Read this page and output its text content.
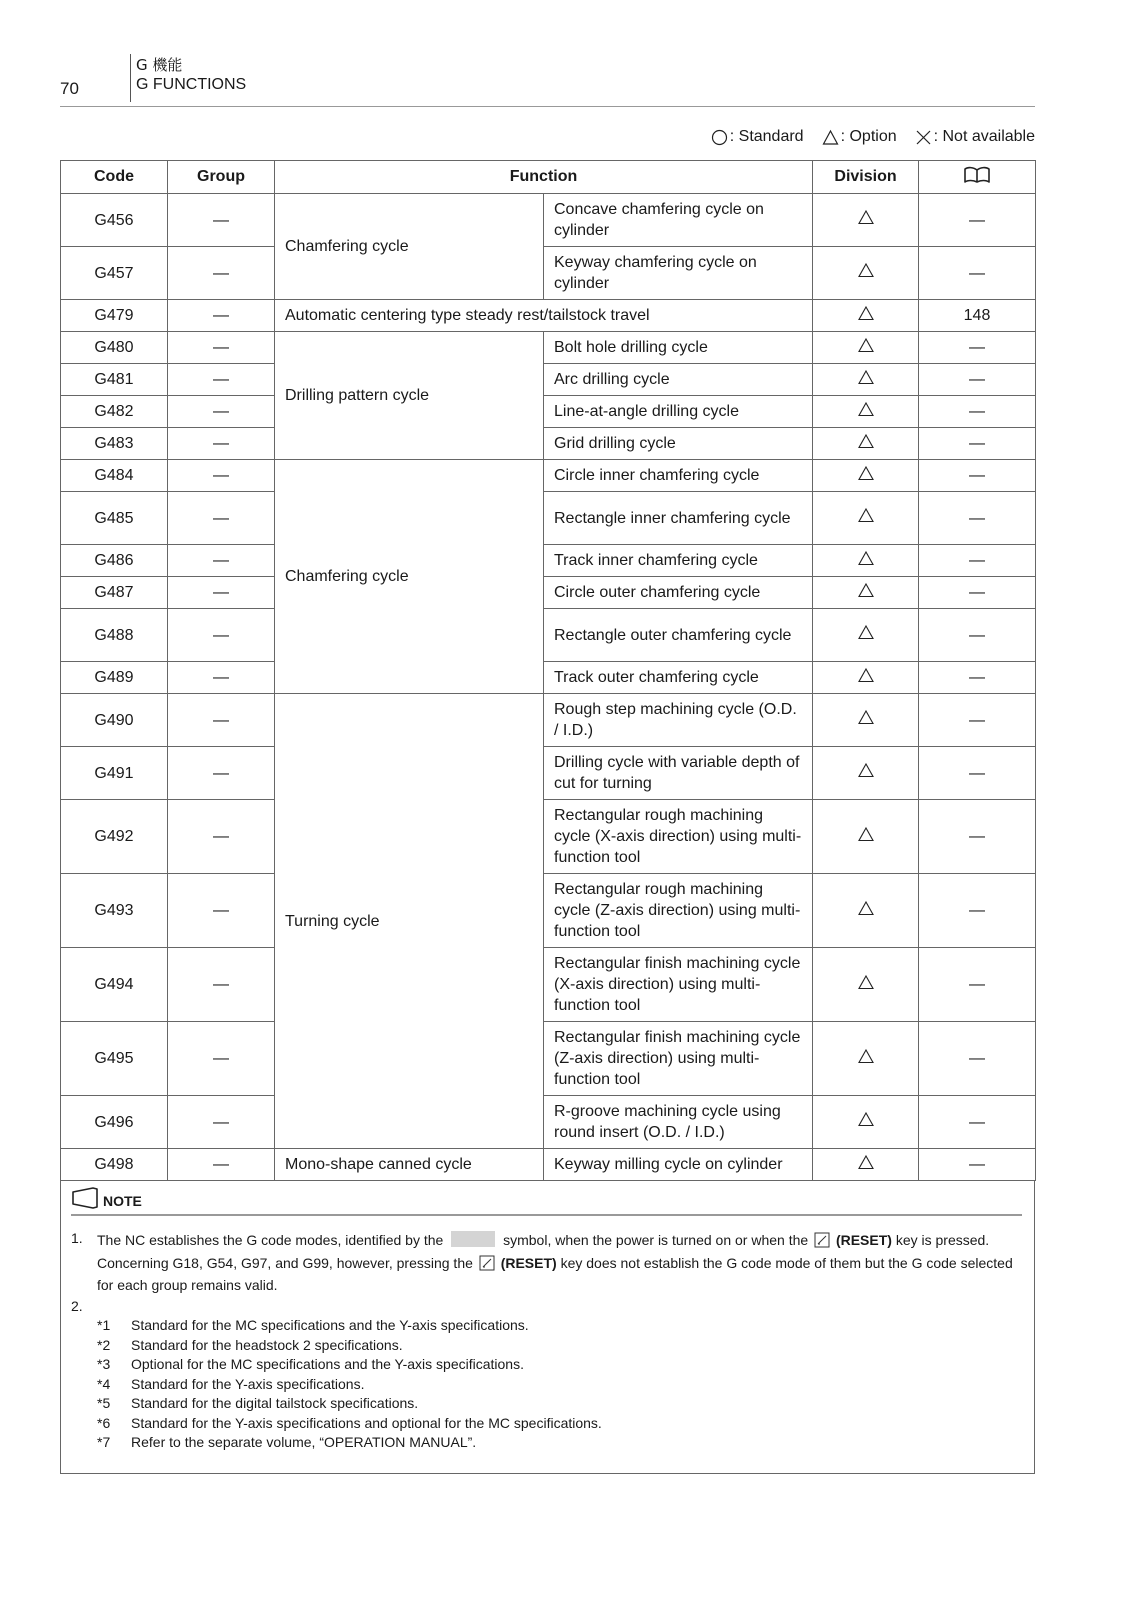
70
G 機能
G FUNCTIONS
: Standard : Option : Not available
Code	Group	Function		Division	
G456	—	Chamfering cycle	Concave chamfering cycle on cylinder		—
G457	—		Keyway chamfering cycle on cylinder		—
G479	—	Automatic centering type steady rest/tailstock travel			148
G480	—	Drilling pattern cycle	Bolt hole drilling cycle		—
G481	—		Arc drilling cycle		—
G482	—		Line-at-angle drilling cycle		—
G483	—		Grid drilling cycle		—
G484	—	Chamfering cycle	Circle inner chamfering cycle		—
G485	—		Rectangle inner chamfering cycle		—
G486	—		Track inner chamfering cycle		—
G487	—		Circle outer chamfering cycle		—
G488	—		Rectangle outer chamfering cycle		—
G489	—		Track outer chamfering cycle		—
G490	—	Turning cycle	Rough step machining cycle (O.D. / I.D.)		—
G491	—		Drilling cycle with variable depth of cut for turning		—
G492	—		Rectangular rough machining cycle (X-axis direction) using multi-function tool		—
G493	—		Rectangular rough machining cycle (Z-axis direction) using multi-function tool		—
G494	—		Rectangular finish machining cycle (X-axis direction) using multi-function tool		—
G495	—		Rectangular finish machining cycle (Z-axis direction) using multi-function tool		—
G496	—		R-groove machining cycle using round insert (O.D. / I.D.)		—
G498	—	Mono-shape canned cycle	Keyway milling cycle on cylinder		—
NOTE
1.	The NC establishes the G code modes, identified by the	symbol, when the power is turned on or when the (RESET) key is pressed.
Concerning G18, G54, G97, and G99, however, pressing the (RESET) key does not establish the G code mode of them but the G code selected for each group remains valid.
2.
*1	Standard for the MC specifications and the Y-axis specifications.
*2	Standard for the headstock 2 specifications.
*3	Optional for the MC specifications and the Y-axis specifications.
*4	Standard for the Y-axis specifications.
*5	Standard for the digital tailstock specifications.
*6	Standard for the Y-axis specifications and optional for the MC specifications.
*7	Refer to the separate volume, “OPERATION MANUAL”.
